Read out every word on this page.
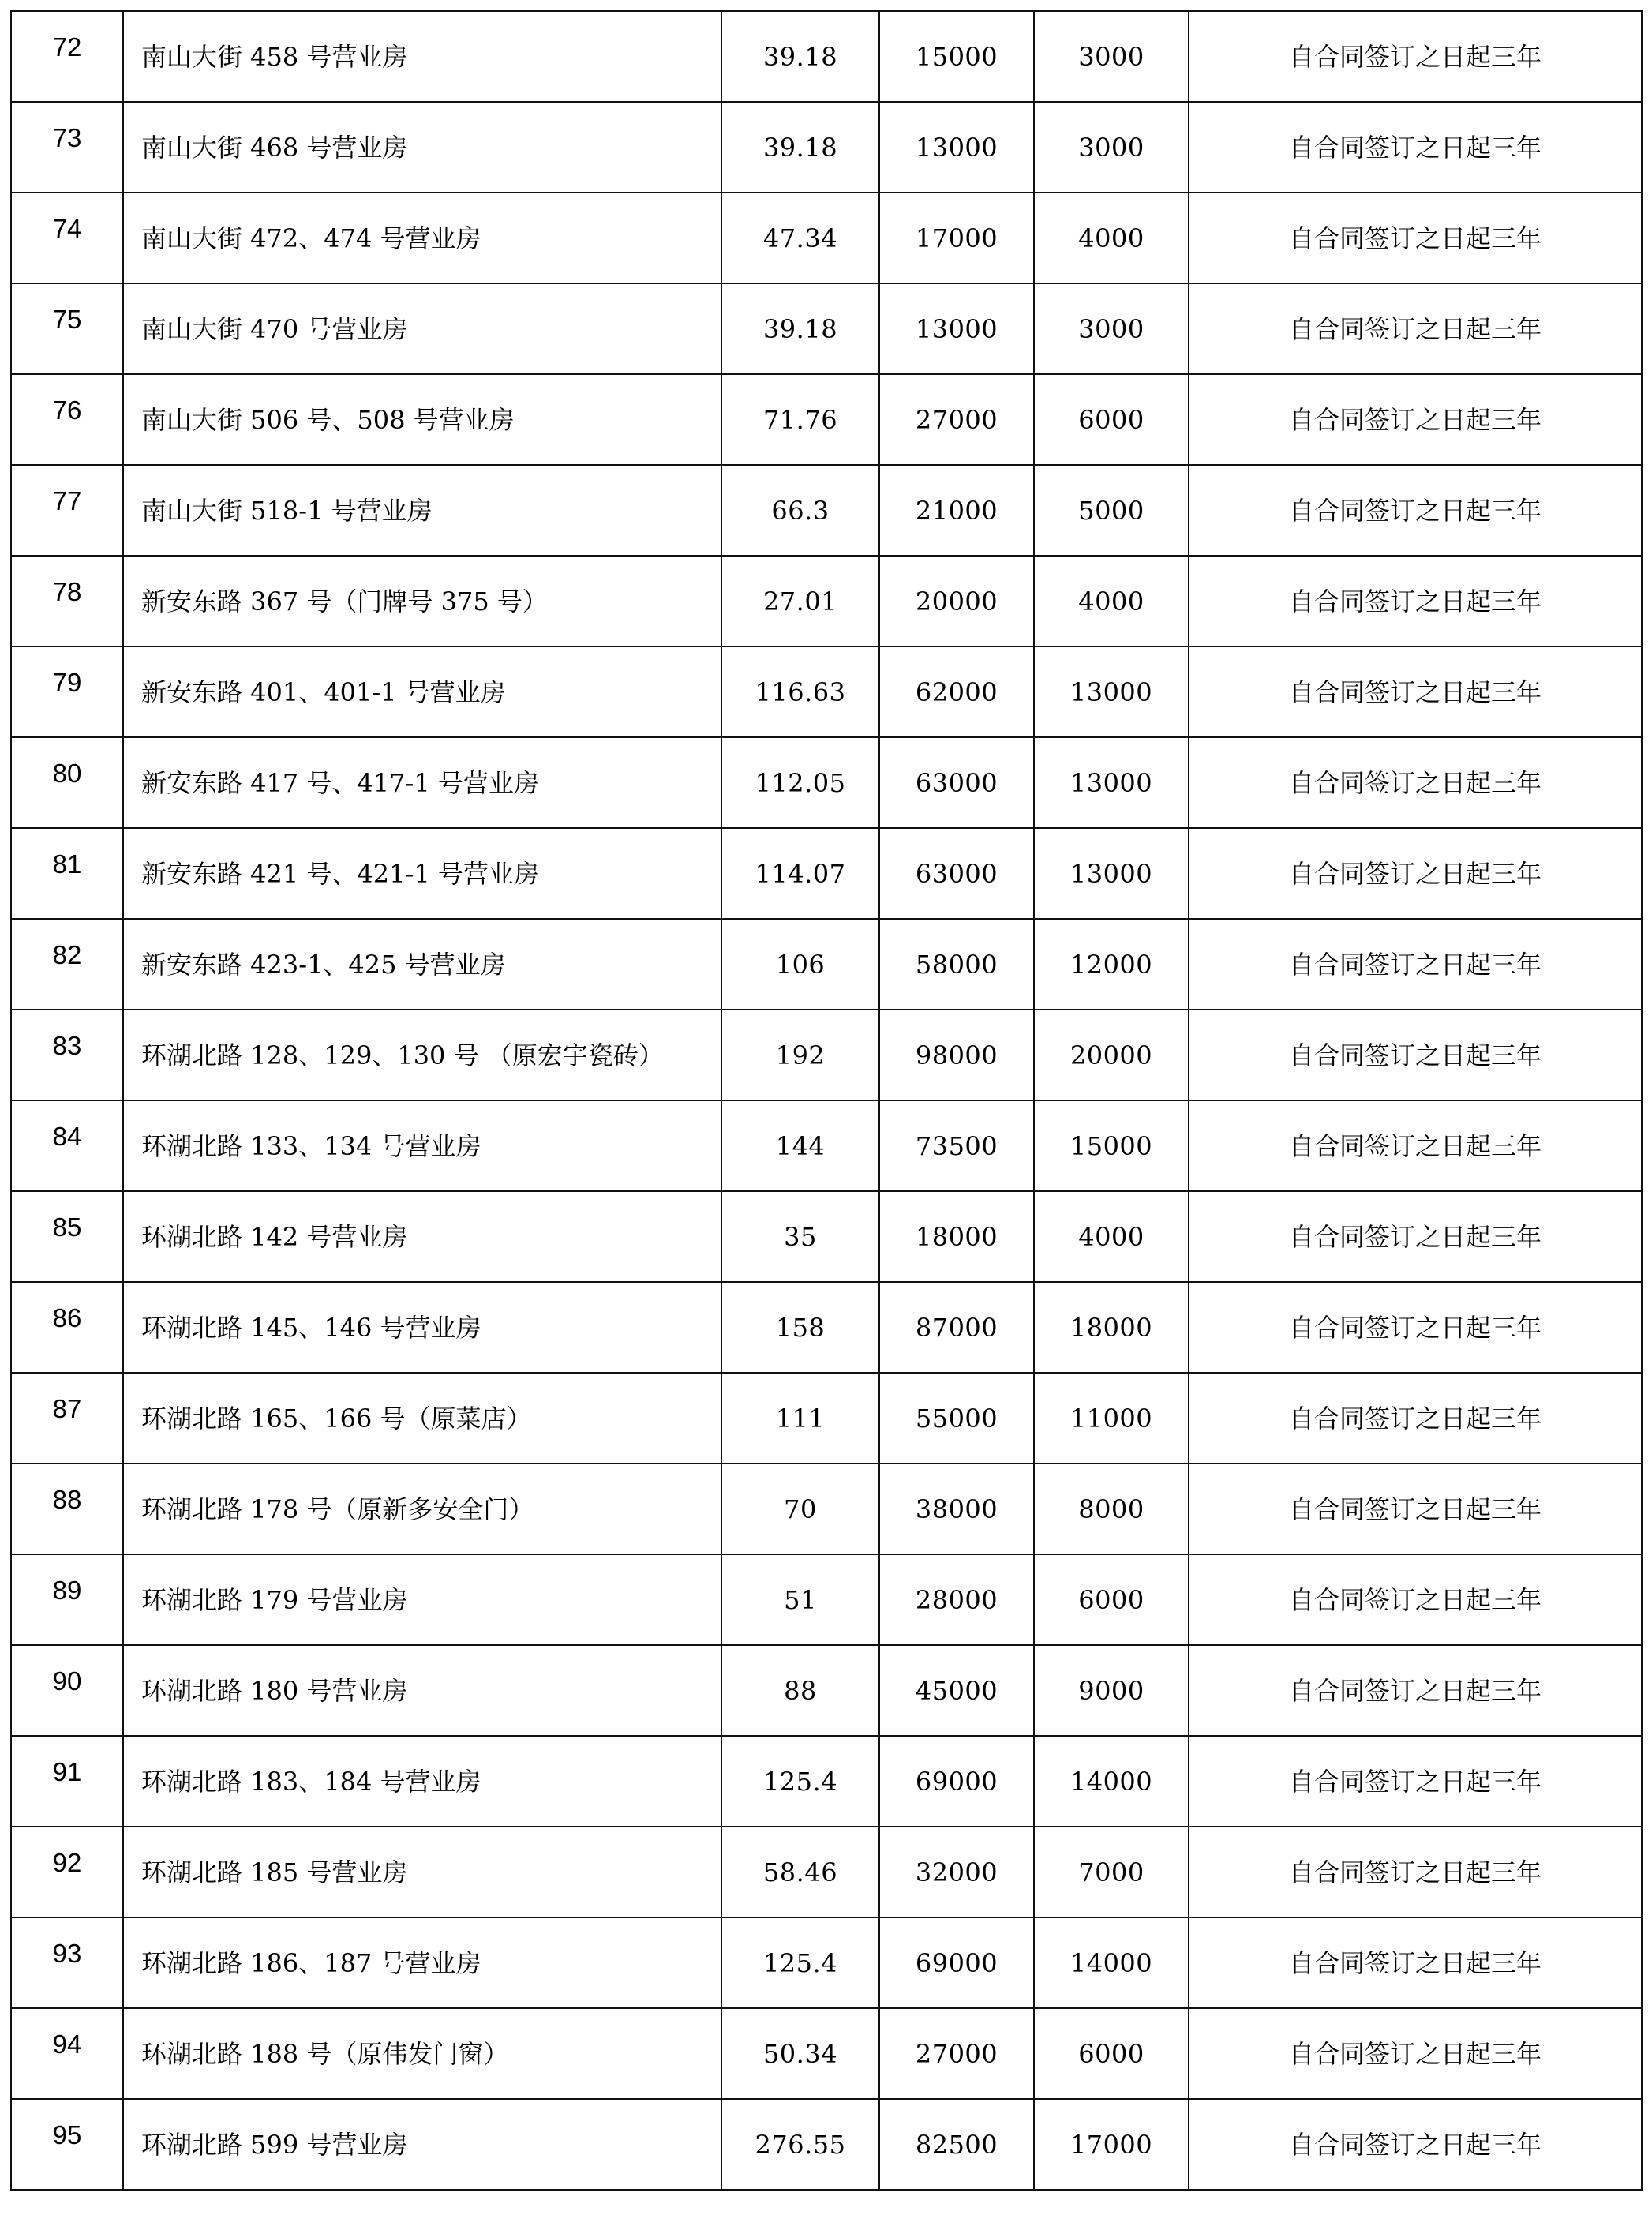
72	南山大街 458 号营业房	39.18	15000	3000	自合同签订之日起三年
73	南山大街 468 号营业房	39.18	13000	3000	自合同签订之日起三年
74	南山大街 472、474 号营业房	47.34	17000	4000	自合同签订之日起三年
75	南山大街 470 号营业房	39.18	13000	3000	自合同签订之日起三年
76	南山大街 506 号、508 号营业房	71.76	27000	6000	自合同签订之日起三年
77	南山大街 518-1 号营业房	66.3	21000	5000	自合同签订之日起三年
78	新安东路 367 号（门牌号 375 号）	27.01	20000	4000	自合同签订之日起三年
79	新安东路 401、401-1 号营业房	116.63	62000	13000	自合同签订之日起三年
80	新安东路 417 号、417-1 号营业房	112.05	63000	13000	自合同签订之日起三年
81	新安东路 421 号、421-1 号营业房	114.07	63000	13000	自合同签订之日起三年
82	新安东路 423-1、425 号营业房	106	58000	12000	自合同签订之日起三年
83	环湖北路 128、129、130 号 （原宏宇瓷砖）	192	98000	20000	自合同签订之日起三年
84	环湖北路 133、134 号营业房	144	73500	15000	自合同签订之日起三年
85	环湖北路 142 号营业房	35	18000	4000	自合同签订之日起三年
86	环湖北路 145、146 号营业房	158	87000	18000	自合同签订之日起三年
87	环湖北路 165、166 号（原菜店）	111	55000	11000	自合同签订之日起三年
88	环湖北路 178 号（原新多安全门）	70	38000	8000	自合同签订之日起三年
89	环湖北路 179 号营业房	51	28000	6000	自合同签订之日起三年
90	环湖北路 180 号营业房	88	45000	9000	自合同签订之日起三年
91	环湖北路 183、184 号营业房	125.4	69000	14000	自合同签订之日起三年
92	环湖北路 185 号营业房	58.46	32000	7000	自合同签订之日起三年
93	环湖北路 186、187 号营业房	125.4	69000	14000	自合同签订之日起三年
94	环湖北路 188 号（原伟发门窗）	50.34	27000	6000	自合同签订之日起三年
95	环湖北路 599 号营业房	276.55	82500	17000	自合同签订之日起三年
